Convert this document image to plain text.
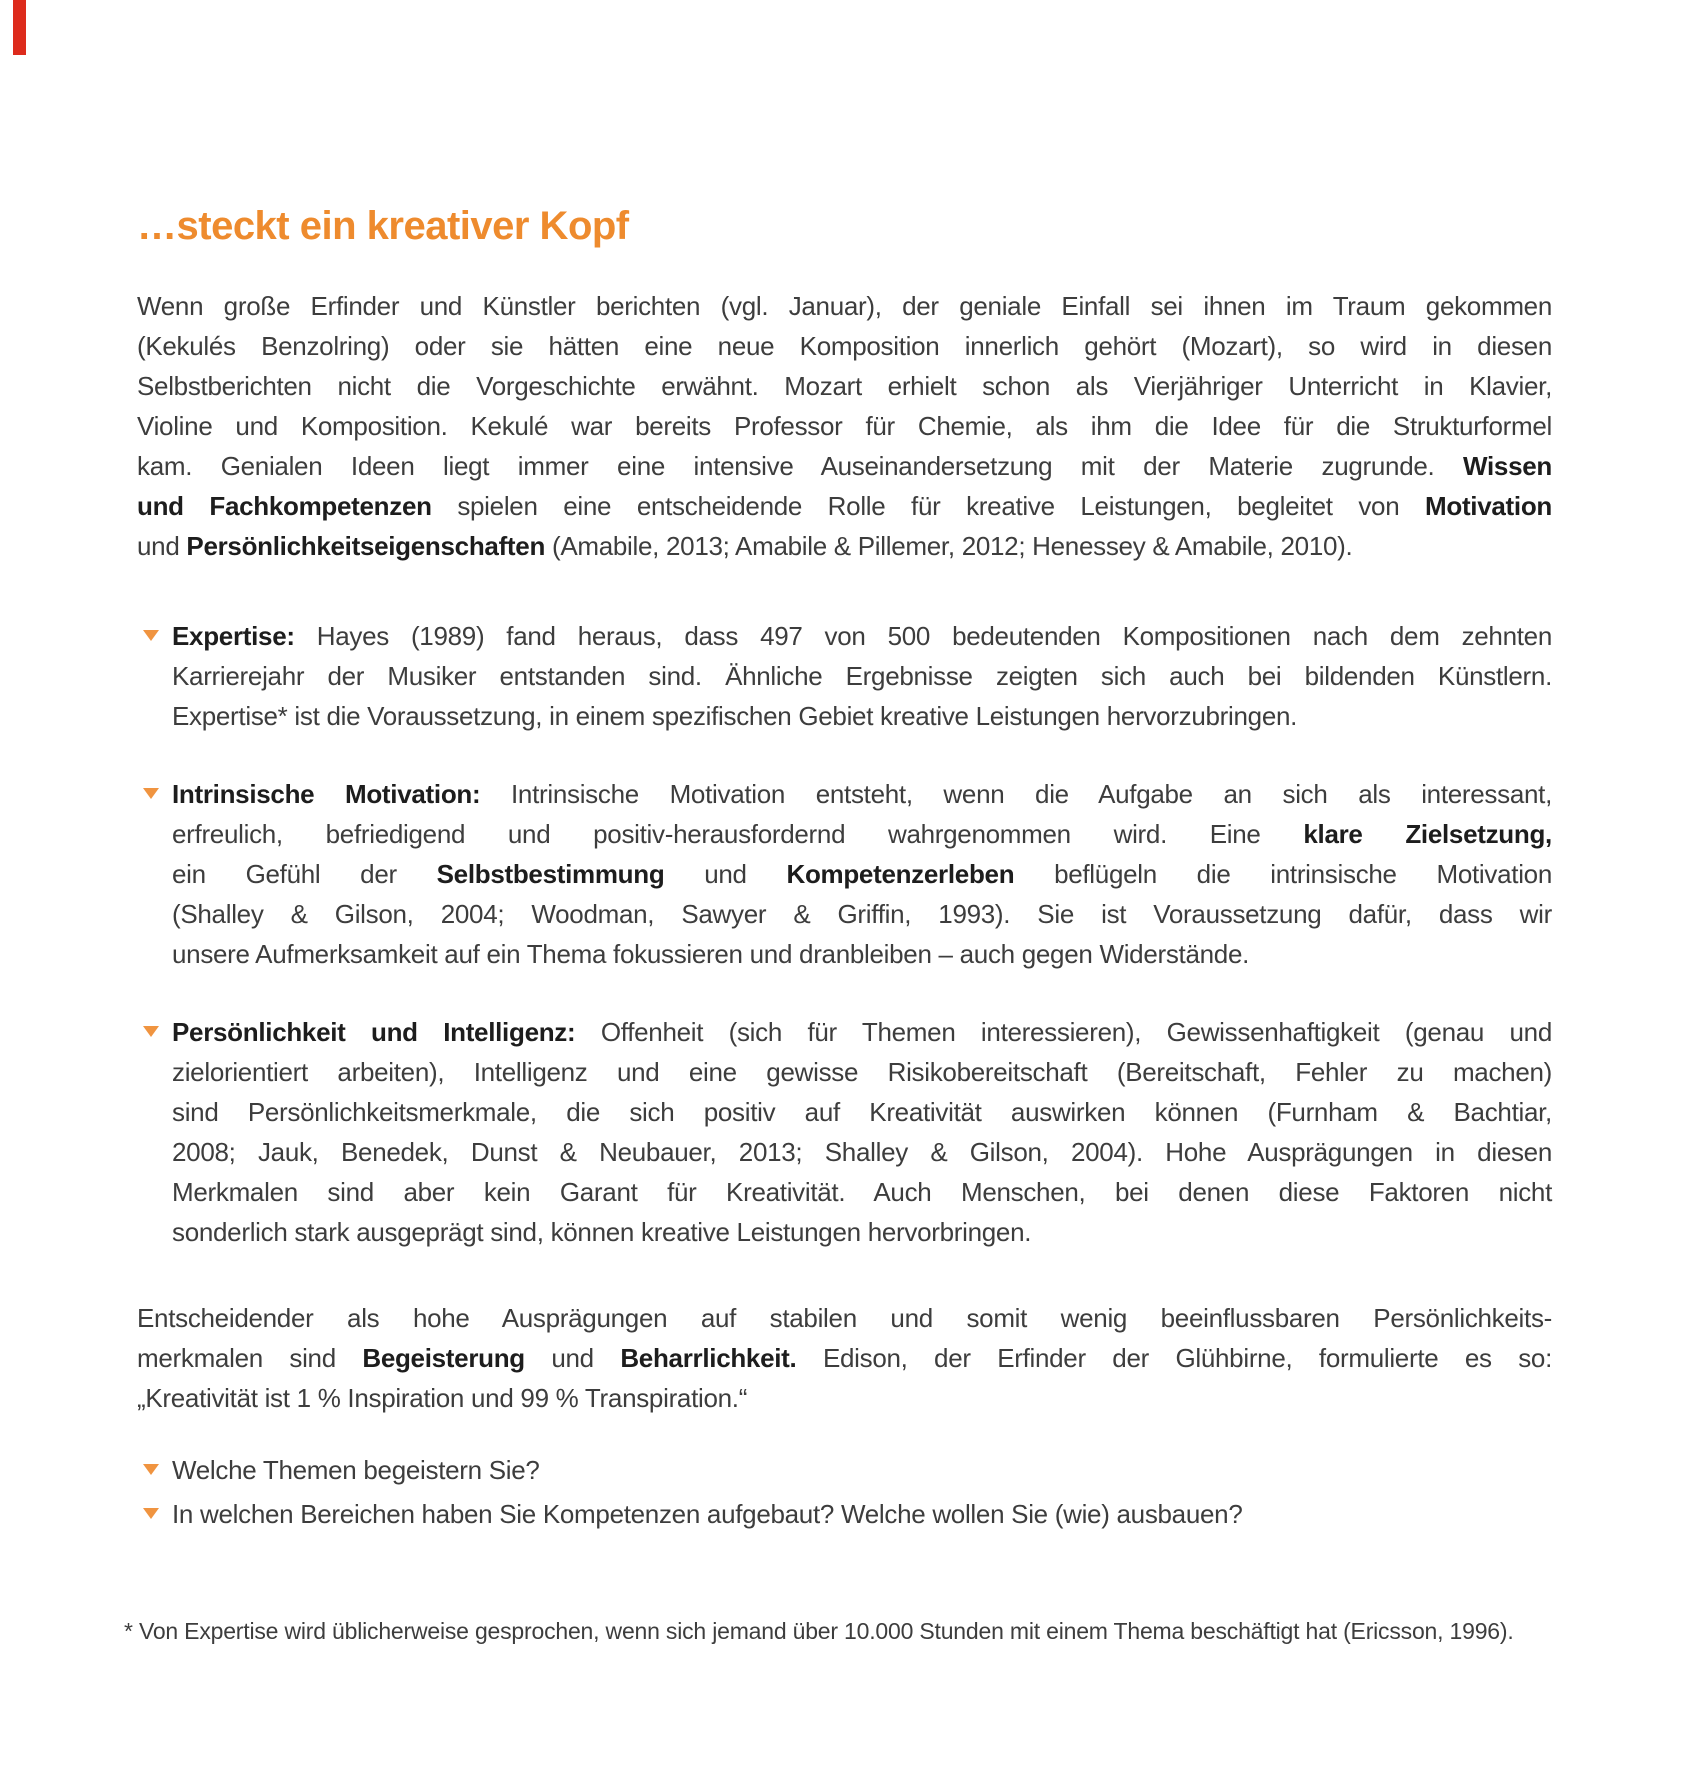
…steckt ein kreativer Kopf
Wenn große Erfinder und Künstler berichten (vgl. Januar), der geniale Einfall sei ihnen im Traum gekommen
(Kekulés Benzolring) oder sie hätten eine neue Komposition innerlich gehört (Mozart), so wird in diesen
Selbstberichten nicht die Vorgeschichte erwähnt. Mozart erhielt schon als Vierjähriger Unterricht in Klavier,
Violine und Komposition. Kekulé war bereits Professor für Chemie, als ihm die Idee für die Strukturformel
kam. Genialen Ideen liegt immer eine intensive Auseinandersetzung mit der Materie zugrunde. Wissen
und Fachkompetenzen spielen eine entscheidende Rolle für kreative Leistungen, begleitet von Motivation
und Persönlichkeitseigenschaften (Amabile, 2013; Amabile & Pillemer, 2012; Henessey & Amabile, 2010).
Expertise: Hayes (1989) fand heraus, dass 497 von 500 bedeutenden Kompositionen nach dem zehnten
Karrierejahr der Musiker entstanden sind. Ähnliche Ergebnisse zeigten sich auch bei bildenden Künstlern.
Expertise* ist die Voraussetzung, in einem spezifischen Gebiet kreative Leistungen hervorzubringen.
Intrinsische Motivation: Intrinsische Motivation entsteht, wenn die Aufgabe an sich als interessant,
erfreulich, befriedigend und positiv-herausfordernd wahrgenommen wird. Eine klare Zielsetzung,
ein Gefühl der Selbstbestimmung und Kompetenzerleben beflügeln die intrinsische Motivation
(Shalley & Gilson, 2004; Woodman, Sawyer & Griffin, 1993). Sie ist Voraussetzung dafür, dass wir
unsere Aufmerksamkeit auf ein Thema fokussieren und dranbleiben – auch gegen Widerstände.
Persönlichkeit und Intelligenz: Offenheit (sich für Themen interessieren), Gewissenhaftigkeit (genau und
zielorientiert arbeiten), Intelligenz und eine gewisse Risikobereitschaft (Bereitschaft, Fehler zu machen)
sind Persönlichkeitsmerkmale, die sich positiv auf Kreativität auswirken können (Furnham & Bachtiar,
2008; Jauk, Benedek, Dunst & Neubauer, 2013; Shalley & Gilson, 2004). Hohe Ausprägungen in diesen
Merkmalen sind aber kein Garant für Kreativität. Auch Menschen, bei denen diese Faktoren nicht
sonderlich stark ausgeprägt sind, können kreative Leistungen hervorbringen.
Entscheidender als hohe Ausprägungen auf stabilen und somit wenig beeinflussbaren Persönlichkeits-
merkmalen sind Begeisterung und Beharrlichkeit. Edison, der Erfinder der Glühbirne, formulierte es so:
„Kreativität ist 1 % Inspiration und 99 % Transpiration.“
Welche Themen begeistern Sie?
In welchen Bereichen haben Sie Kompetenzen aufgebaut? Welche wollen Sie (wie) ausbauen?
* Von Expertise wird üblicherweise gesprochen, wenn sich jemand über 10.000 Stunden mit einem Thema beschäftigt hat (Ericsson, 1996).
